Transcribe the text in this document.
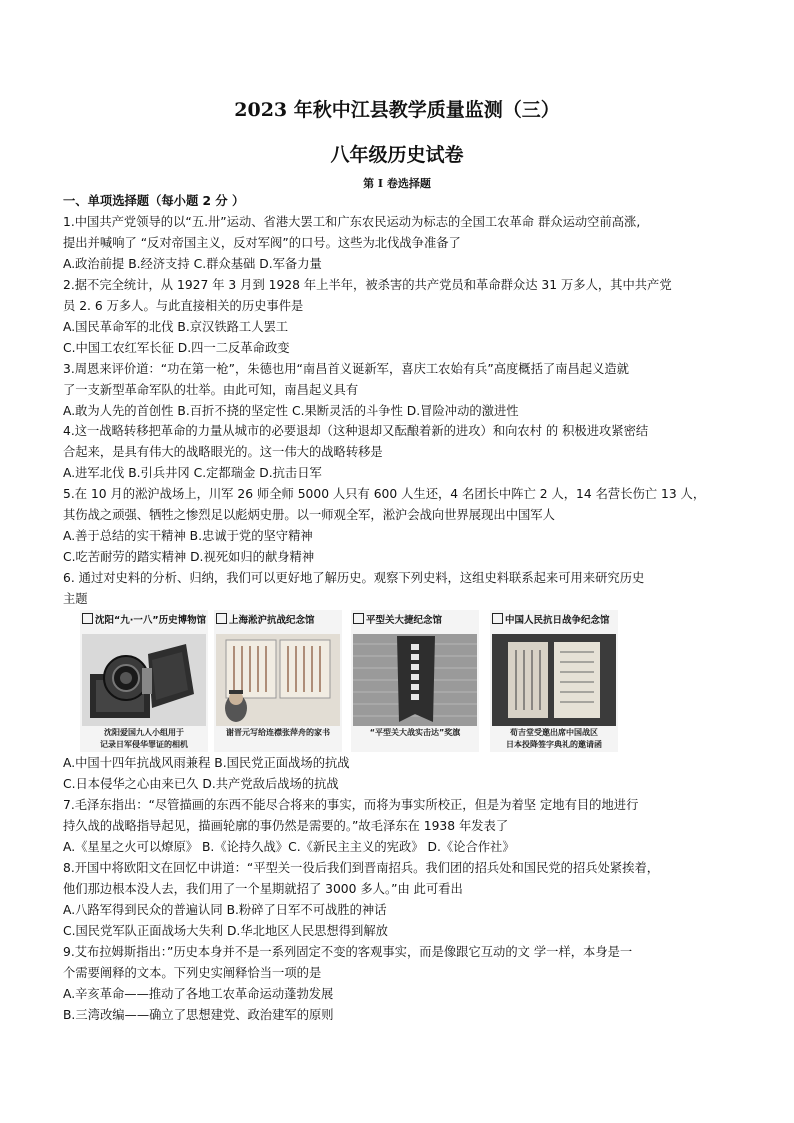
2023 年秋中江县教学质量监测（三）
八年级历史试卷
第 I 卷选择题
一、单项选择题（每小题 2 分 ）
1.中国共产党领导的以“五.卅”运动、省港大罢工和广东农民运动为标志的全国工农革命 群众运动空前高涨,
提出并喊响了 “反对帝国主义，反对军阀”的口号。这些为北伐战争准备了
A.政治前提 B.经济支持 C.群众基础 D.军备力量
2.据不完全统计，从 1927 年 3 月到 1928 年上半年，被杀害的共产党员和革命群众达 31 万多人，其中共产党
员 2. 6 万多人。与此直接相关的历史事件是
A.国民革命军的北伐 B.京汉铁路工人罢工
C.中国工农红军长征 D.四一二反革命政变
3.周恩来评价道：“功在第一枪”，朱德也用“南昌首义诞新军，喜庆工农始有兵”高度概括了南昌起义造就
了一支新型革命军队的壮举。由此可知，南昌起义具有
A.敢为人先的首创性 B.百折不挠的坚定性 C.果断灵活的斗争性 D.冒险冲动的激进性
4.这一战略转移把革命的力量从城市的必要退却（这种退却又酝酿着新的进攻）和向农村 的 积极进攻紧密结
合起来，是具有伟大的战略眼光的。这一伟大的战略转移是
A.进军北伐 B.引兵井冈 C.定都瑞金 D.抗击日军
5.在 10 月的淞沪战场上，川军 26 师全师 5000 人只有 600 人生还，4 名团长中阵亡 2 人，14 名营长伤亡 13 人，
其伤战之顽强、牺牲之惨烈足以彪炳史册。以一师观全军，淞沪会战向世界展现出中国军人
A.善于总结的实干精神 B.忠诚于党的坚守精神
C.吃苦耐劳的踏实精神 D.视死如归的献身精神
6. 通过对史料的分析、归纳，我们可以更好地了解历史。观察下列史料，这组史料联系起来可用来研究历史
主题
沈阳“九·一八”历史博物馆
沈阳爱国九人小组用于
记录日军侵华罪证的相机
上海淞沪抗战纪念馆
谢晋元写给连襟张萍舟的家书
平型关大捷纪念馆
“平型关大战实击达”奖旗
中国人民抗日战争纪念馆
荀吉堂受邀出席中国战区
日本投降签字典礼的邀请函
A.中国十四年抗战风雨兼程 B.国民党正面战场的抗战
C.日本侵华之心由来已久 D.共产党敌后战场的抗战
7.毛泽东指出：“尽管描画的东西不能尽合将来的事实，而将为事实所校正，但是为着坚 定地有目的地进行
持久战的战略指导起见，描画轮廓的事仍然是需要的。”故毛泽东在 1938 年发表了
A.《星星之火可以燎原》 B.《论持久战》C.《新民主主义的宪政》 D.《论合作社》
8.开国中将欧阳文在回忆中讲道：“平型关一役后我们到晋南招兵。我们团的招兵处和国民党的招兵处紧挨着，
他们那边根本没人去，我们用了一个星期就招了 3000 多人。”由 此可看出
A.八路军得到民众的普遍认同 B.粉碎了日军不可战胜的神话
C.国民党军队正面战场大失利 D.华北地区人民思想得到解放
9.艾布拉姆斯指出：”历史本身并不是一系列固定不变的客观事实，而是像跟它互动的文 学一样，本身是一
个需要阐释的文本。下列史实阐释恰当一项的是
A.辛亥革命——推动了各地工农革命运动蓬勃发展
B.三湾改编——确立了思想建党、政治建军的原则
